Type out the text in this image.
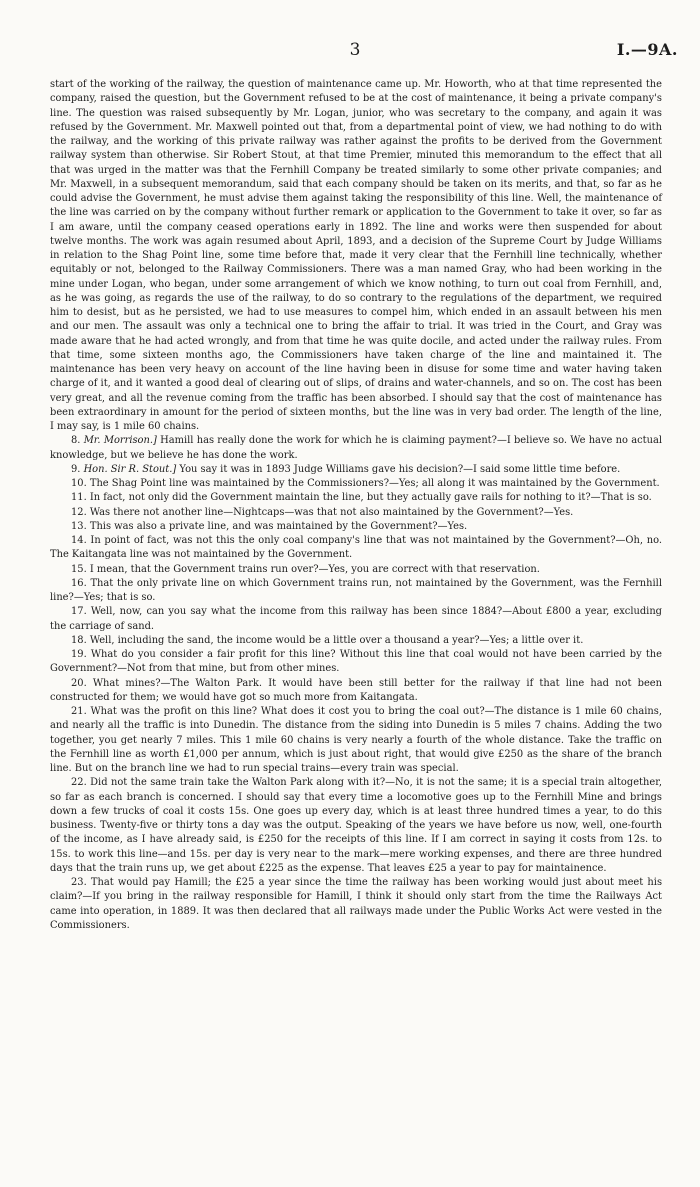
3	I.—9A.

start of the working of the railway, the question of maintenance came up. Mr. Howorth, who at that time represented the company, raised the question, but the Government refused to be at the cost of maintenance, it being a private company's line. The question was raised subsequently by Mr. Logan, junior, who was secretary to the company, and again it was refused by the Government. Mr. Maxwell pointed out that, from a departmental point of view, we had nothing to do with the railway, and the working of this private railway was rather against the profits to be derived from the Government railway system than otherwise. Sir Robert Stout, at that time Premier, minuted this memorandum to the effect that all that was urged in the matter was that the Fernhill Company be treated similarly to some other private companies; and Mr. Maxwell, in a subsequent memorandum, said that each company should be taken on its merits, and that, so far as he could advise the Government, he must advise them against taking the responsibility of this line. Well, the maintenance of the line was carried on by the company without further remark or application to the Government to take it over, so far as I am aware, until the company ceased operations early in 1892. The line and works were then suspended for about twelve months. The work was again resumed about April, 1893, and a decision of the Supreme Court by Judge Williams in relation to the Shag Point line, some time before that, made it very clear that the Fernhill line technically, whether equitably or not, belonged to the Railway Commissioners. There was a man named Gray, who had been working in the mine under Logan, who began, under some arrangement of which we know nothing, to turn out coal from Fernhill, and, as he was going, as regards the use of the railway, to do so contrary to the regulations of the department, we required him to desist, but as he persisted, we had to use measures to compel him, which ended in an assault between his men and our men. The assault was only a technical one to bring the affair to trial. It was tried in the Court, and Gray was made aware that he had acted wrongly, and from that time he was quite docile, and acted under the railway rules. From that time, some sixteen months ago, the Commissioners have taken charge of the line and maintained it. The maintenance has been very heavy on account of the line having been in disuse for some time and water having taken charge of it, and it wanted a good deal of clearing out of slips, of drains and water-channels, and so on. The cost has been very great, and all the revenue coming from the traffic has been absorbed. I should say that the cost of maintenance has been extraordinary in amount for the period of sixteen months, but the line was in very bad order. The length of the line, I may say, is 1 mile 60 chains.

8. Mr. Morrison.] Hamill has really done the work for which he is claiming payment?—I believe so. We have no actual knowledge, but we believe he has done the work.

9. Hon. Sir R. Stout.] You say it was in 1893 Judge Williams gave his decision?—I said some little time before.

10. The Shag Point line was maintained by the Commissioners?—Yes; all along it was maintained by the Government.

11. In fact, not only did the Government maintain the line, but they actually gave rails for nothing to it?—That is so.

12. Was there not another line—Nightcaps—was that not also maintained by the Government?—Yes.

13. This was also a private line, and was maintained by the Government?—Yes.

14. In point of fact, was not this the only coal company's line that was not maintained by the Government?—Oh, no. The Kaitangata line was not maintained by the Government.

15. I mean, that the Government trains run over?—Yes, you are correct with that reservation.

16. That the only private line on which Government trains run, not maintained by the Government, was the Fernhill line?—Yes; that is so.

17. Well, now, can you say what the income from this railway has been since 1884?—About £800 a year, excluding the carriage of sand.

18. Well, including the sand, the income would be a little over a thousand a year?—Yes; a little over it.

19. What do you consider a fair profit for this line? Without this line that coal would not have been carried by the Government?—Not from that mine, but from other mines.

20. What mines?—The Walton Park. It would have been still better for the railway if that line had not been constructed for them; we would have got so much more from Kaitangata.

21. What was the profit on this line? What does it cost you to bring the coal out?—The distance is 1 mile 60 chains, and nearly all the traffic is into Dunedin. The distance from the siding into Dunedin is 5 miles 7 chains. Adding the two together, you get nearly 7 miles. This 1 mile 60 chains is very nearly a fourth of the whole distance. Take the traffic on the Fernhill line as worth £1,000 per annum, which is just about right, that would give £250 as the share of the branch line. But on the branch line we had to run special trains—every train was special.

22. Did not the same train take the Walton Park along with it?—No, it is not the same; it is a special train altogether, so far as each branch is concerned. I should say that every time a locomotive goes up to the Fernhill Mine and brings down a few trucks of coal it costs 15s. One goes up every day, which is at least three hundred times a year, to do this business. Twenty-five or thirty tons a day was the output. Speaking of the years we have before us now, well, one-fourth of the income, as I have already said, is £250 for the receipts of this line. If I am correct in saying it costs from 12s. to 15s. to work this line—and 15s. per day is very near to the mark—mere working expenses, and there are three hundred days that the train runs up, we get about £225 as the expense. That leaves £25 a year to pay for maintainence.

23. That would pay Hamill; the £25 a year since the time the railway has been working would just about meet his claim?—If you bring in the railway responsible for Hamill, I think it should only start from the time the Railways Act came into operation, in 1889. It was then declared that all railways made under the Public Works Act were vested in the Commissioners.
